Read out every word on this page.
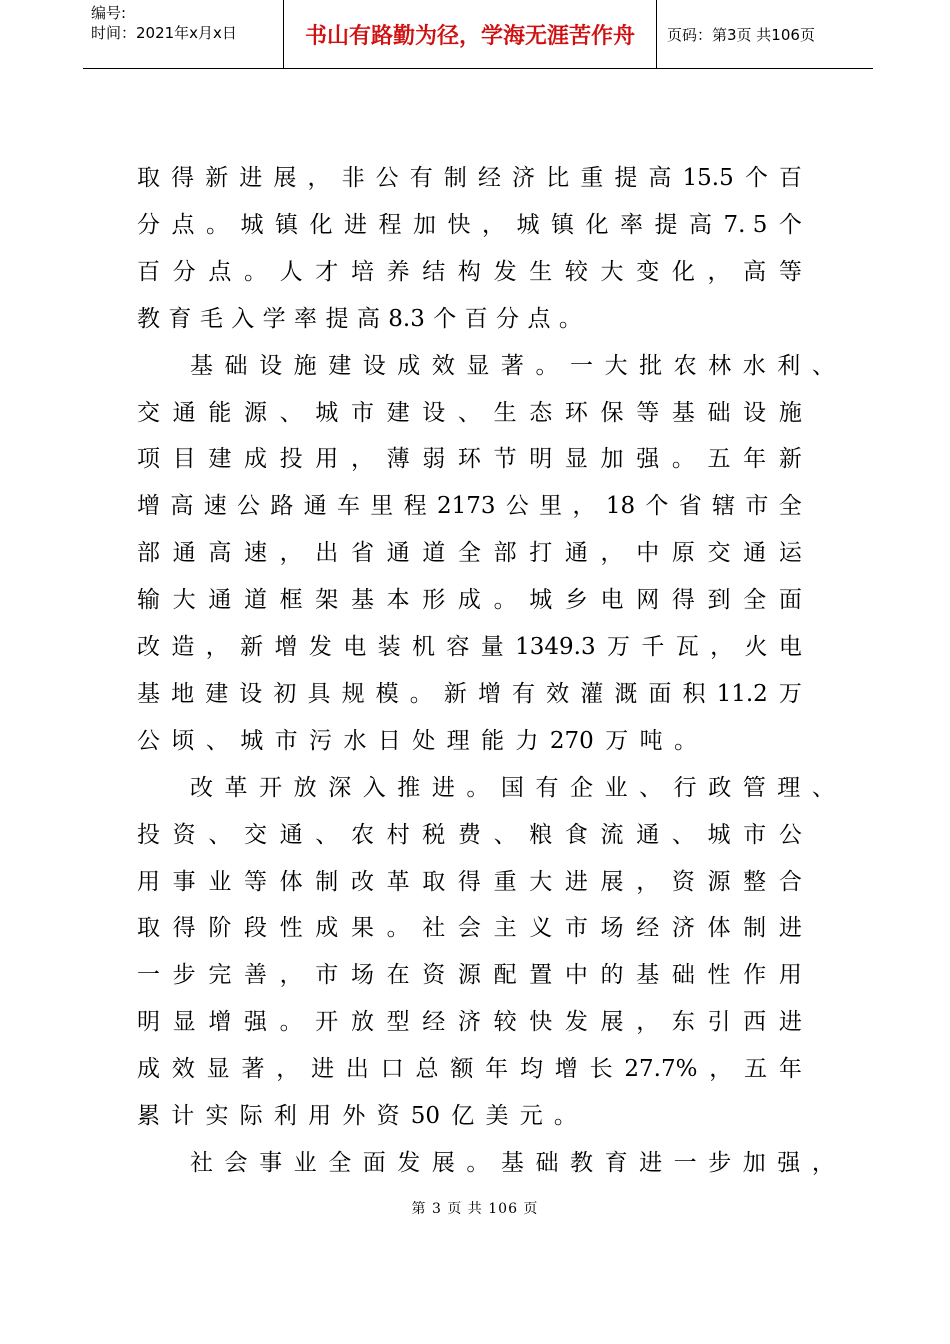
编号:
时间：2021年x月x日	书山有路勤为径，学海无涯苦作舟	页码：第3页 共106页
取 得 新 进 展 ， 非 公 有 制 经 济 比 重 提 高 15.5 个 百
分 点 。 城 镇 化 进 程 加 快 ， 城 镇 化 率 提 高 7. 5 个
百 分 点 。 人 才 培 养 结 构 发 生 较 大 变 化 ， 高 等
教 育 毛 入 学 率 提 高 8.3 个 百 分 点 。
基 础 设 施 建 设 成 效 显 著 。 一 大 批 农 林 水 利 、
交 通 能 源 、 城 市 建 设 、 生 态 环 保 等 基 础 设 施
项 目 建 成 投 用 ， 薄 弱 环 节 明 显 加 强 。 五 年 新
增 高 速 公 路 通 车 里 程 2173 公 里 ， 18 个 省 辖 市 全
部 通 高 速 ， 出 省 通 道 全 部 打 通 ， 中 原 交 通 运
输 大 通 道 框 架 基 本 形 成 。 城 乡 电 网 得 到 全 面
改 造 ， 新 增 发 电 装 机 容 量 1349.3 万 千 瓦 ， 火 电
基 地 建 设 初 具 规 模 。 新 增 有 效 灌 溉 面 积 11.2 万
公 顷 、 城 市 污 水 日 处 理 能 力 270 万 吨 。
改 革 开 放 深 入 推 进 。 国 有 企 业 、 行 政 管 理 、
投 资 、 交 通 、 农 村 税 费 、 粮 食 流 通 、 城 市 公
用 事 业 等 体 制 改 革 取 得 重 大 进 展 ， 资 源 整 合
取 得 阶 段 性 成 果 。 社 会 主 义 市 场 经 济 体 制 进
一 步 完 善 ， 市 场 在 资 源 配 置 中 的 基 础 性 作 用
明 显 增 强 。 开 放 型 经 济 较 快 发 展 ， 东 引 西 进
成 效 显 著 ， 进 出 口 总 额 年 均 增 长 27.7% ， 五 年
累 计 实 际 利 用 外 资 50 亿 美 元 。
社 会 事 业 全 面 发 展 。 基 础 教 育 进 一 步 加 强 ，
第 3 页 共 106 页
